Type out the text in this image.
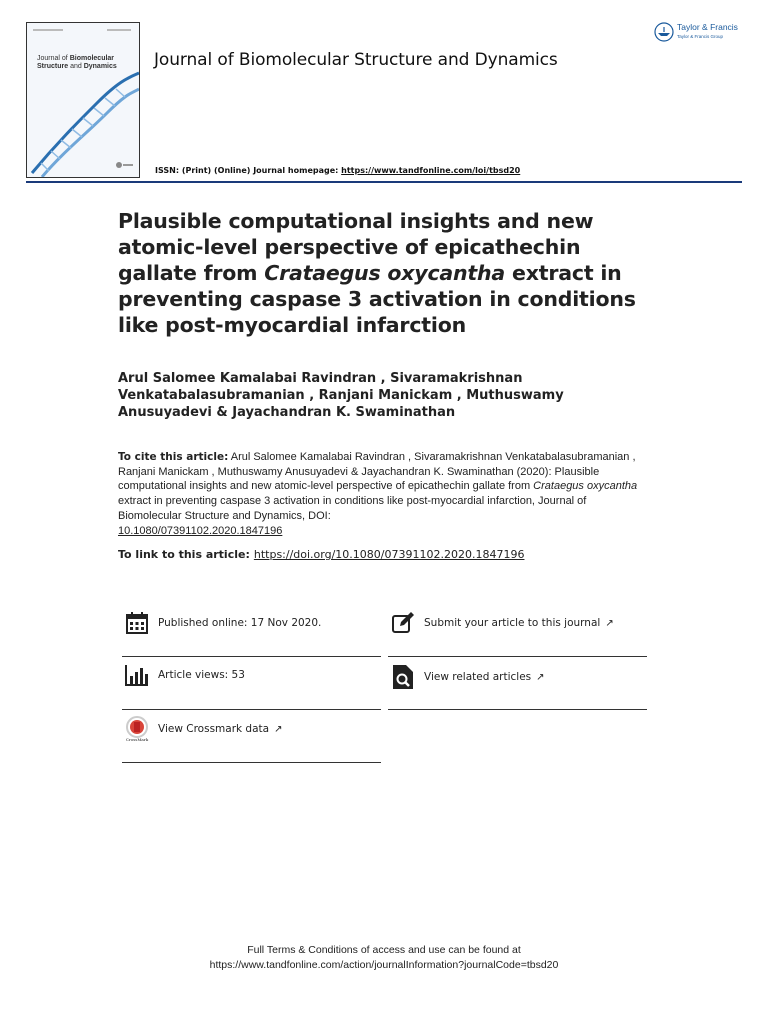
Journal of Biomolecular
Structure and Dynamics Journal of Biomolecular Structure and Dynamics
ISSN: (Print) (Online) Journal homepage: https://www.tandfonline.com/loi/tbsd20
Taylor & Francis
Taylor & Francis Group
Plausible computational insights and new atomic-level perspective of epicathechin gallate from Crataegus oxycantha extract in preventing caspase 3 activation in conditions like post-myocardial infarction
Arul Salomee Kamalabai Ravindran , Sivaramakrishnan Venkatabalasubramanian , Ranjani Manickam , Muthuswamy Anusuyadevi & Jayachandran K. Swaminathan
To cite this article: Arul Salomee Kamalabai Ravindran , Sivaramakrishnan Venkatabalasubramanian , Ranjani Manickam , Muthuswamy Anusuyadevi & Jayachandran K. Swaminathan (2020): Plausible computational insights and new atomic-level perspective of epicathechin gallate from Crataegus oxycantha extract in preventing caspase 3 activation in conditions like post-myocardial infarction, Journal of Biomolecular Structure and Dynamics, DOI:
10.1080/07391102.2020.1847196
To link to this article: https://doi.org/10.1080/07391102.2020.1847196
Published online: 17 Nov 2020.	Submit your article to this journal ↗
Article views: 53	View related articles ↗
CrossMark
View Crossmark data ↗
Full Terms & Conditions of access and use can be found at
https://www.tandfonline.com/action/journalInformation?journalCode=tbsd20
